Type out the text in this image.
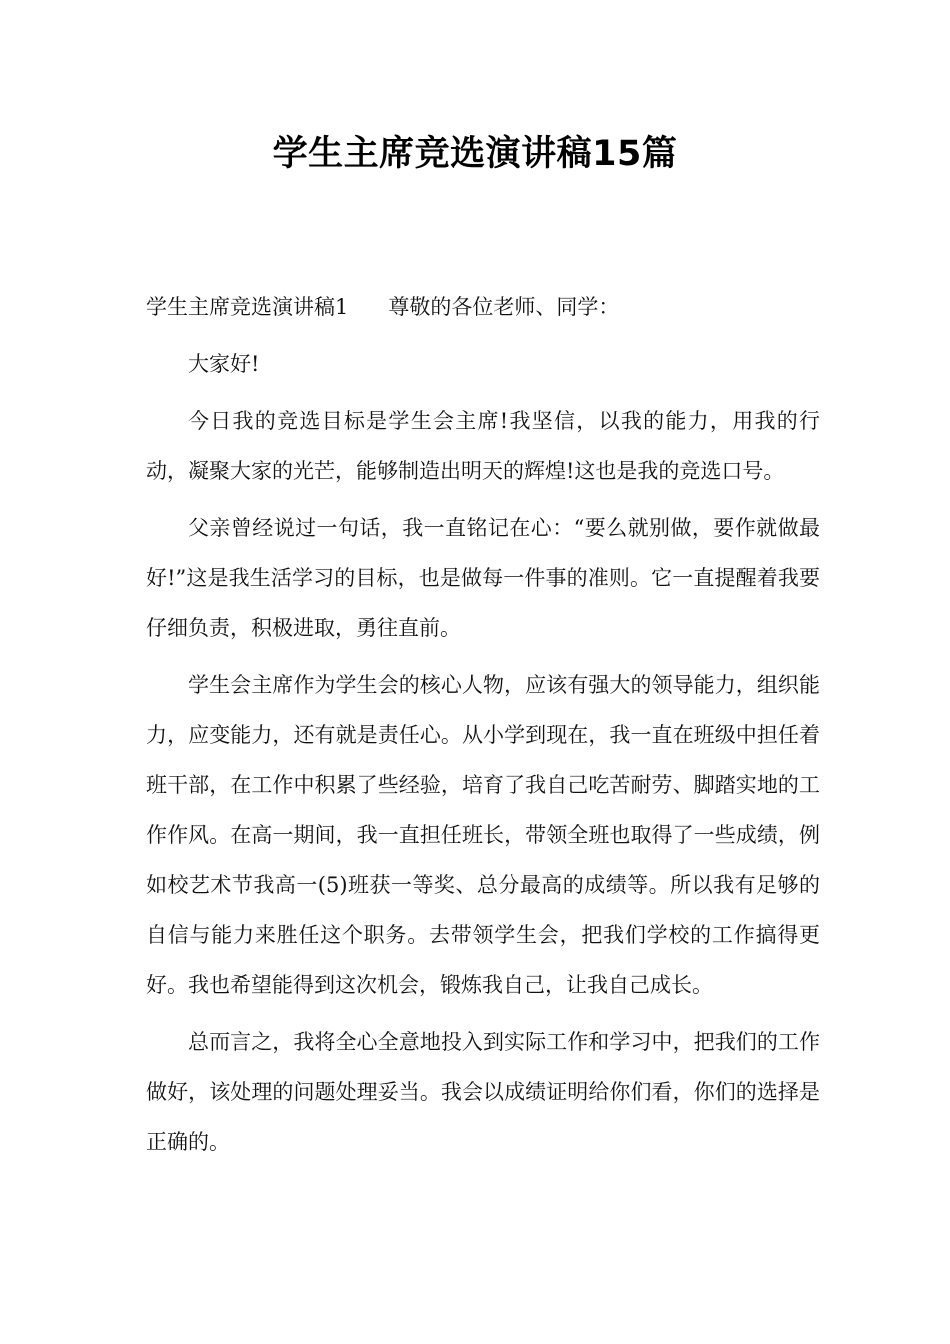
学生主席竞选演讲稿15篇

学生主席竞选演讲稿1 尊敬的各位老师、同学：

大家好!

今日我的竞选目标是学生会主席!我坚信，以我的能力，用我的行动，凝聚大家的光芒，能够制造出明天的辉煌!这也是我的竞选口号。

父亲曾经说过一句话，我一直铭记在心：“要么就别做，要作就做最好!”这是我生活学习的目标，也是做每一件事的准则。它一直提醒着我要仔细负责，积极进取，勇往直前。

学生会主席作为学生会的核心人物，应该有强大的领导能力，组织能力，应变能力，还有就是责任心。从小学到现在，我一直在班级中担任着班干部，在工作中积累了些经验，培育了我自己吃苦耐劳、脚踏实地的工作作风。在高一期间，我一直担任班长，带领全班也取得了一些成绩，例如校艺术节我高一(5)班获一等奖、总分最高的成绩等。所以我有足够的自信与能力来胜任这个职务。去带领学生会，把我们学校的工作搞得更好。我也希望能得到这次机会，锻炼我自己，让我自己成长。

总而言之，我将全心全意地投入到实际工作和学习中，把我们的工作做好，该处理的问题处理妥当。我会以成绩证明给你们看，你们的选择是正确的。
